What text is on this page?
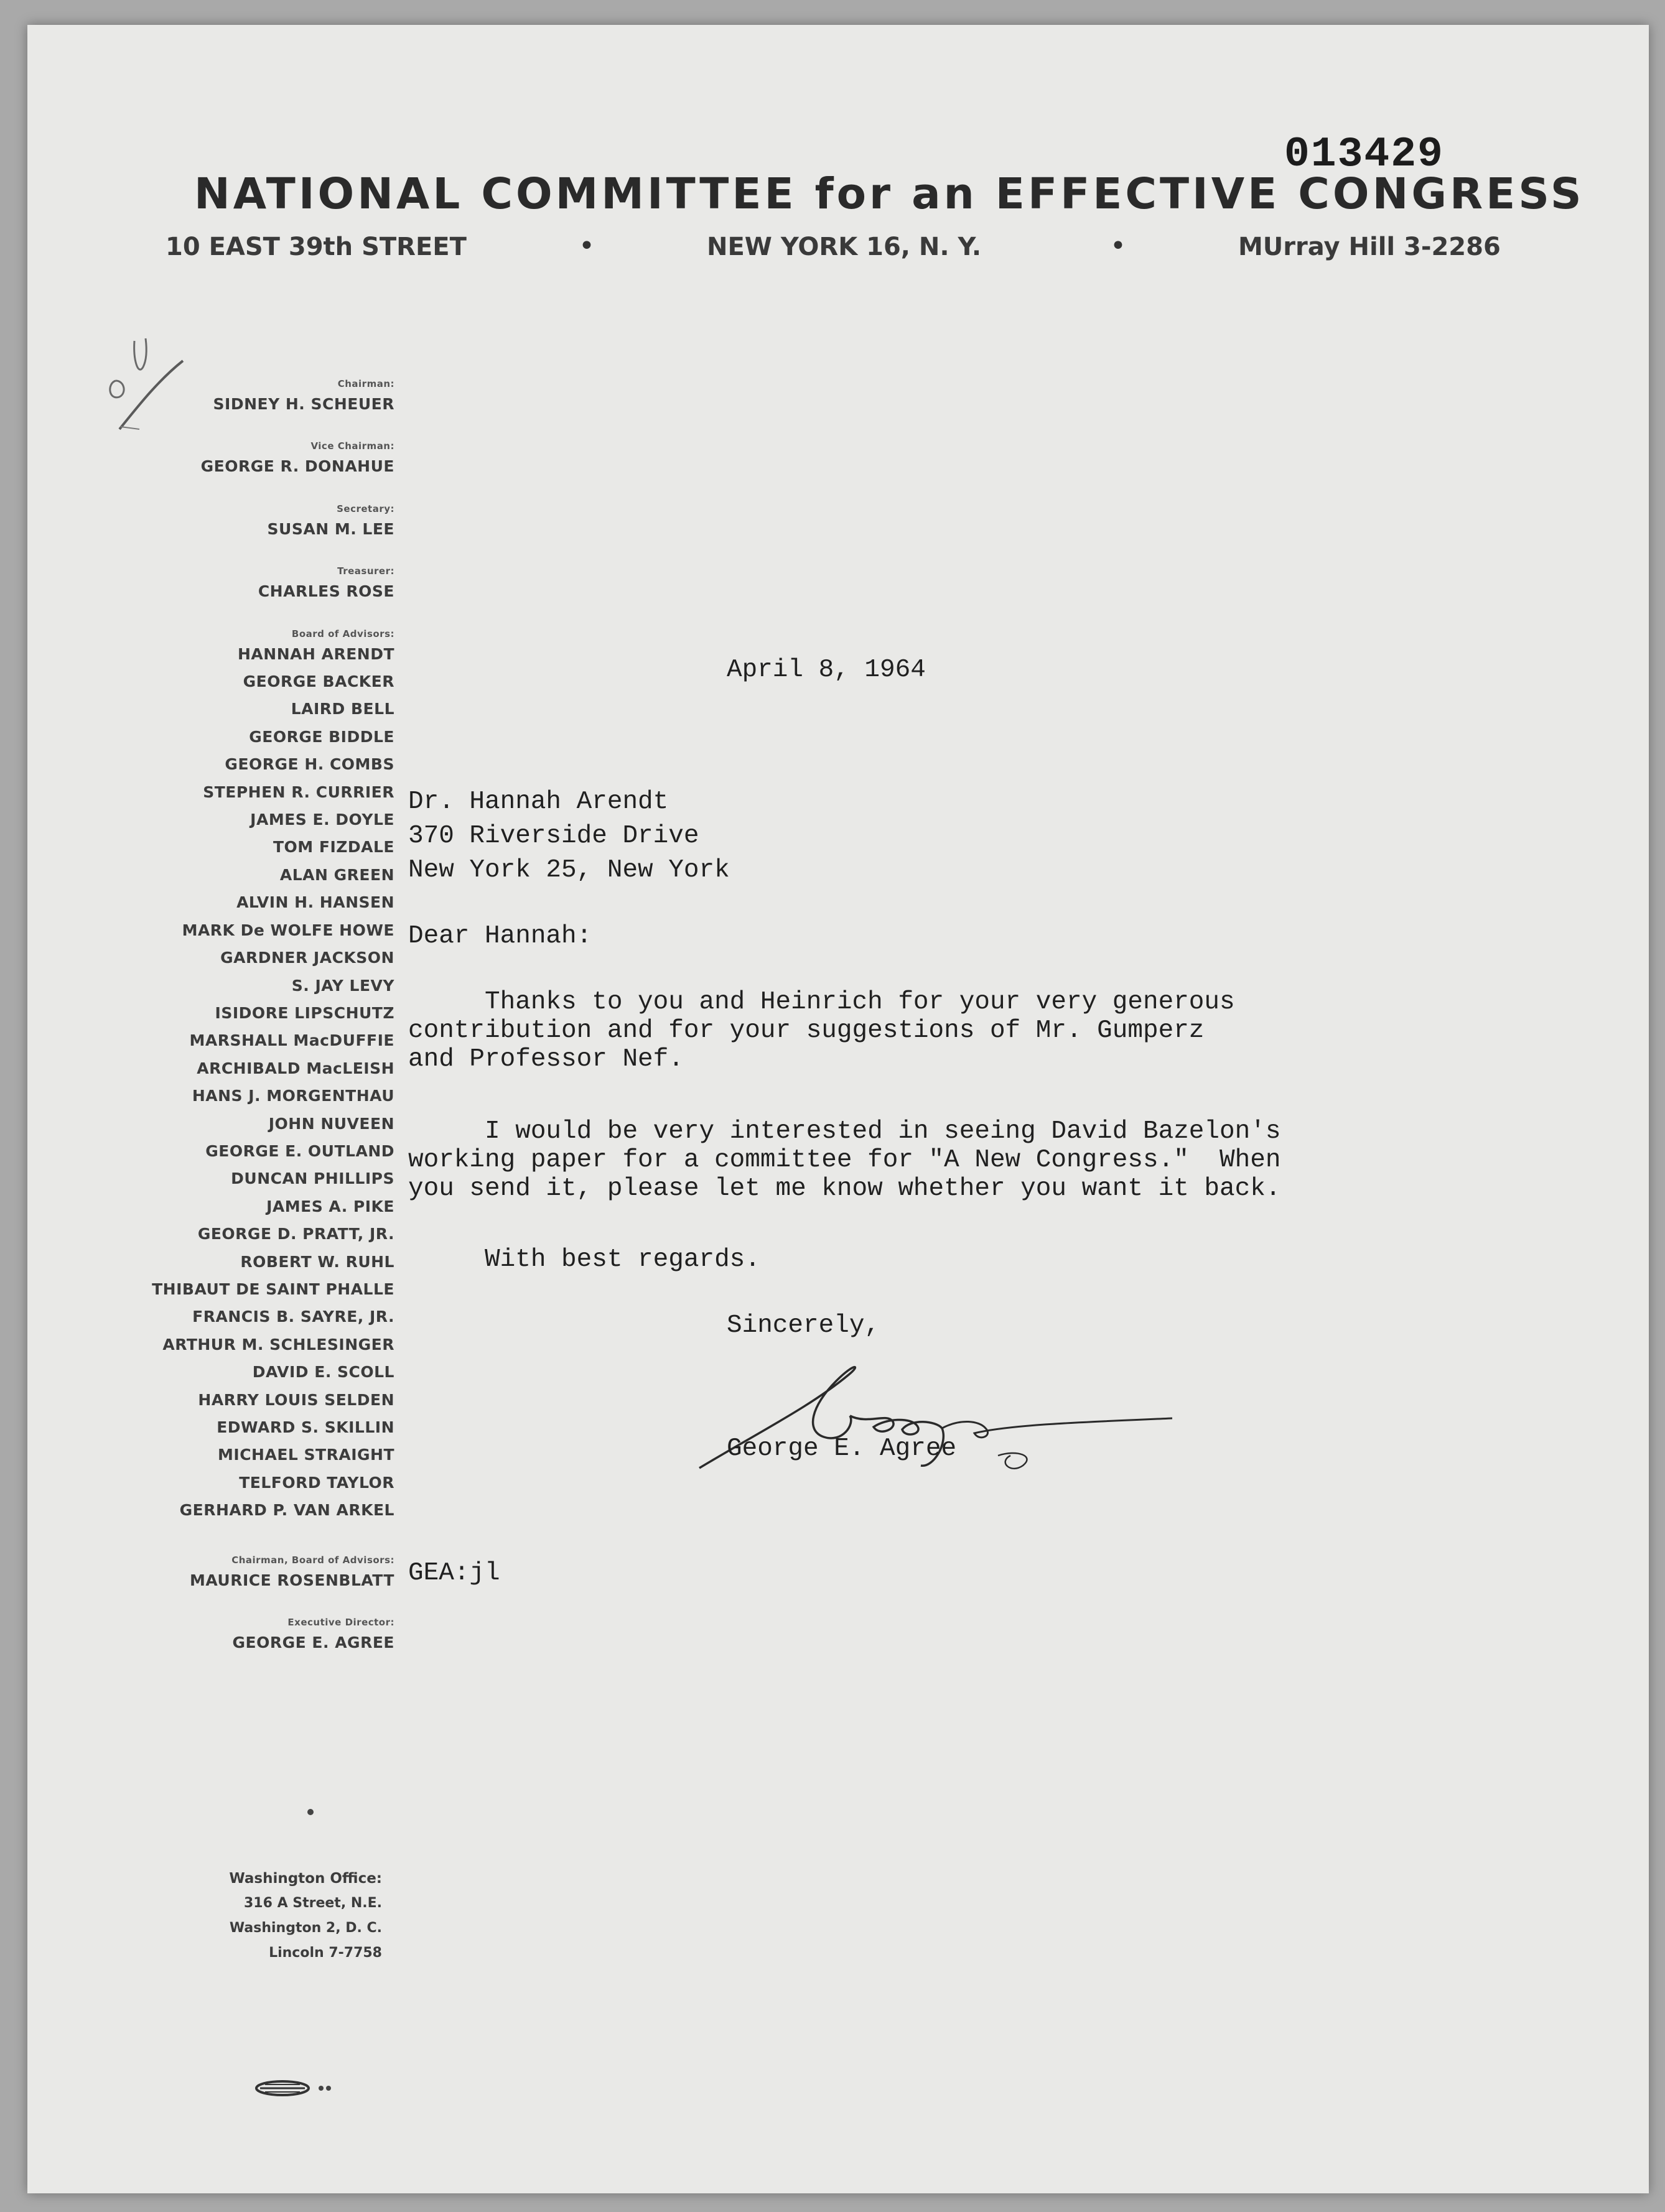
013429
NATIONAL COMMITTEE for an EFFECTIVE CONGRESS
10 EAST 39th STREET	•	NEW YORK 16, N. Y.	•	MUrray Hill 3-2286
Chairman:
SIDNEY H. SCHEUER
Vice Chairman:
GEORGE R. DONAHUE
Secretary:
SUSAN M. LEE
Treasurer:
CHARLES ROSE
Board of Advisors:
HANNAH ARENDT
GEORGE BACKER
LAIRD BELL
GEORGE BIDDLE
GEORGE H. COMBS
STEPHEN R. CURRIER
JAMES E. DOYLE
TOM FIZDALE
ALAN GREEN
ALVIN H. HANSEN
MARK De WOLFE HOWE
GARDNER JACKSON
S. JAY LEVY
ISIDORE LIPSCHUTZ
MARSHALL MacDUFFIE
ARCHIBALD MacLEISH
HANS J. MORGENTHAU
JOHN NUVEEN
GEORGE E. OUTLAND
DUNCAN PHILLIPS
JAMES A. PIKE
GEORGE D. PRATT, JR.
ROBERT W. RUHL
THIBAUT DE SAINT PHALLE
FRANCIS B. SAYRE, JR.
ARTHUR M. SCHLESINGER
DAVID E. SCOLL
HARRY LOUIS SELDEN
EDWARD S. SKILLIN
MICHAEL STRAIGHT
TELFORD TAYLOR
GERHARD P. VAN ARKEL
Chairman, Board of Advisors:
MAURICE ROSENBLATT
Executive Director:
GEORGE E. AGREE
Washington Office:
316 A Street, N.E.
Washington 2, D. C.
Lincoln 7-7758
April 8, 1964
Dr. Hannah Arendt
370 Riverside Drive
New York 25, New York
Dear Hannah:
Thanks to you and Heinrich for your very generous
contribution and for your suggestions of Mr. Gumperz
and Professor Nef.
I would be very interested in seeing David Bazelon's
working paper for a committee for "A New Congress."  When
you send it, please let me know whether you want it back.
With best regards.
Sincerely,
George E. Agree
GEA:jl
